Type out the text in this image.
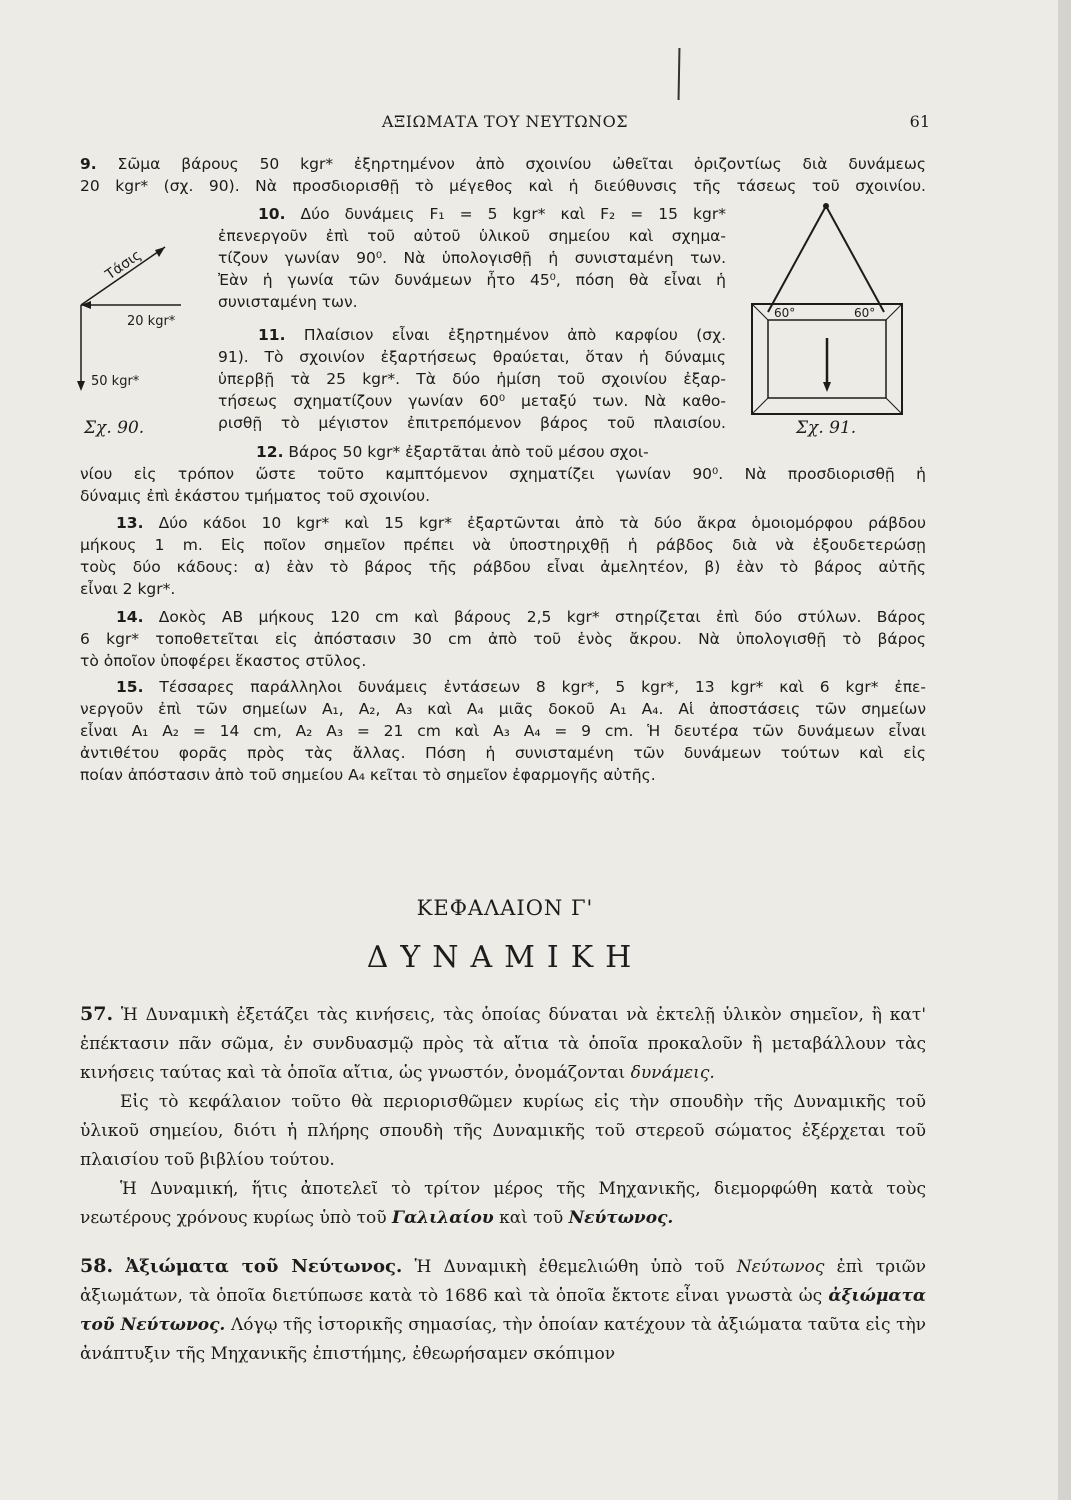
ΑΞΙΩΜΑΤΑ ΤΟΥ ΝΕΥΤΩΝΟΣ	61
9. Σῶμα βάρους 50 kgr* ἐξηρτημένον ἀπὸ σχοινίου ὠθεῖται ὁριζοντίως διὰ δυνάμεως
20 kgr* (σχ. 90). Νὰ προσδιορισθῇ τὸ μέγεθος καὶ ἡ διεύθυνσις τῆς τάσεως τοῦ σχοινίου.
10. Δύο δυνάμεις F₁ = 5 kgr* καὶ F₂ = 15 kgr*
ἐπενεργοῦν ἐπὶ τοῦ αὐτοῦ ὑλικοῦ σημείου καὶ σχημα-
τίζουν γωνίαν 90⁰. Νὰ ὑπολογισθῇ ἡ συνισταμένη των.
Ἐὰν ἡ γωνία τῶν δυνάμεων ἦτο 45⁰, πόση θὰ εἶναι ἡ
συνισταμένη των.
11. Πλαίσιον εἶναι ἐξηρτημένον ἀπὸ καρφίου (σχ.
91). Τὸ σχοινίον ἐξαρτήσεως θραύεται, ὅταν ἡ δύναμις
ὑπερβῇ τὰ 25 kgr*. Τὰ δύο ἡμίση τοῦ σχοινίου ἐξαρ-
τήσεως σχηματίζουν γωνίαν 60⁰ μεταξύ των. Νὰ καθο-
ρισθῇ τὸ μέγιστον ἐπιτρεπόμενον βάρος τοῦ πλαισίου.
Τάσις
20 kgr*
50 kgr*
Σχ. 90.
60°	60°
Σχ. 91.
12. Βάρος 50 kgr* ἐξαρτᾶται ἀπὸ τοῦ μέσου σχοι-
νίου εἰς τρόπον ὥστε τοῦτο καμπτόμενον σχηματίζει γωνίαν 90⁰. Νὰ προσδιορισθῇ ἡ
δύναμις ἐπὶ ἑκάστου τμήματος τοῦ σχοινίου.
13. Δύο κάδοι 10 kgr* καὶ 15 kgr* ἐξαρτῶνται ἀπὸ τὰ δύο ἄκρα ὁμοιομόρφου ράβδου
μήκους 1 m. Εἰς ποῖον σημεῖον πρέπει νὰ ὑποστηριχθῇ ἡ ράβδος διὰ νὰ ἐξουδετερώσῃ
τοὺς δύο κάδους: α) ἐὰν τὸ βάρος τῆς ράβδου εἶναι ἀμελητέον, β) ἐὰν τὸ βάρος αὐτῆς
εἶναι 2 kgr*.
14. Δοκὸς ΑΒ μήκους 120 cm καὶ βάρους 2,5 kgr* στηρίζεται ἐπὶ δύο στύλων. Βάρος
6 kgr* τοποθετεῖται εἰς ἀπόστασιν 30 cm ἀπὸ τοῦ ἑνὸς ἄκρου. Νὰ ὑπολογισθῇ τὸ βάρος
τὸ ὁποῖον ὑποφέρει ἕκαστος στῦλος.
15. Τέσσαρες παράλληλοι δυνάμεις ἐντάσεων 8 kgr*, 5 kgr*, 13 kgr* καὶ 6 kgr* ἐπε-
νεργοῦν ἐπὶ τῶν σημείων A₁, A₂, A₃ καὶ A₄ μιᾶς δοκοῦ A₁ A₄. Αἱ ἀποστάσεις τῶν σημείων
εἶναι A₁ A₂ = 14 cm, A₂ A₃ = 21 cm καὶ A₃ A₄ = 9 cm. Ἡ δευτέρα τῶν δυνάμεων εἶναι
ἀντιθέτου φορᾶς πρὸς τὰς ἄλλας. Πόση ἡ συνισταμένη τῶν δυνάμεων τούτων καὶ εἰς
ποίαν ἀπόστασιν ἀπὸ τοῦ σημείου A₄ κεῖται τὸ σημεῖον ἐφαρμογῆς αὐτῆς.
ΚΕΦΑΛΑΙΟΝ Γ'
ΔΥΝΑΜΙΚΗ

57. Ἡ Δυναμικὴ ἐξετάζει τὰς κινήσεις, τὰς ὁποίας δύναται νὰ ἐκτελῇ ὑλικὸν σημεῖον, ἢ κατ' ἐπέκτασιν πᾶν σῶμα, ἐν συνδυασμῷ πρὸς τὰ αἴτια τὰ ὁποῖα προκαλοῦν ἢ μεταβάλλουν τὰς κινήσεις ταύτας καὶ τὰ ὁποῖα αἴτια, ὡς γνωστόν, ὀνομάζονται δυνάμεις.

Εἰς τὸ κεφάλαιον τοῦτο θὰ περιορισθῶμεν κυρίως εἰς τὴν σπουδὴν τῆς Δυναμικῆς τοῦ ὑλικοῦ σημείου, διότι ἡ πλήρης σπουδὴ τῆς Δυναμικῆς τοῦ στερεοῦ σώματος ἐξέρχεται τοῦ πλαισίου τοῦ βιβλίου τούτου.

Ἡ Δυναμική, ἥτις ἀποτελεῖ τὸ τρίτον μέρος τῆς Μηχανικῆς, διεμορφώθη κατὰ τοὺς νεωτέρους χρόνους κυρίως ὑπὸ τοῦ Γαλιλαίου καὶ τοῦ Νεύτωνος.

58. Ἀξιώματα τοῦ Νεύτωνος. Ἡ Δυναμικὴ ἐθεμελιώθη ὑπὸ τοῦ Νεύτωνος ἐπὶ τριῶν ἀξιωμάτων, τὰ ὁποῖα διετύπωσε κατὰ τὸ 1686 καὶ τὰ ὁποῖα ἔκτοτε εἶναι γνωστὰ ὡς ἀξιώματα τοῦ Νεύτωνος. Λόγῳ τῆς ἱστορικῆς σημασίας, τὴν ὁποίαν κατέχουν τὰ ἀξιώματα ταῦτα εἰς τὴν ἀνάπτυξιν τῆς Μηχανικῆς ἐπιστήμης, ἐθεωρήσαμεν σκόπιμον
